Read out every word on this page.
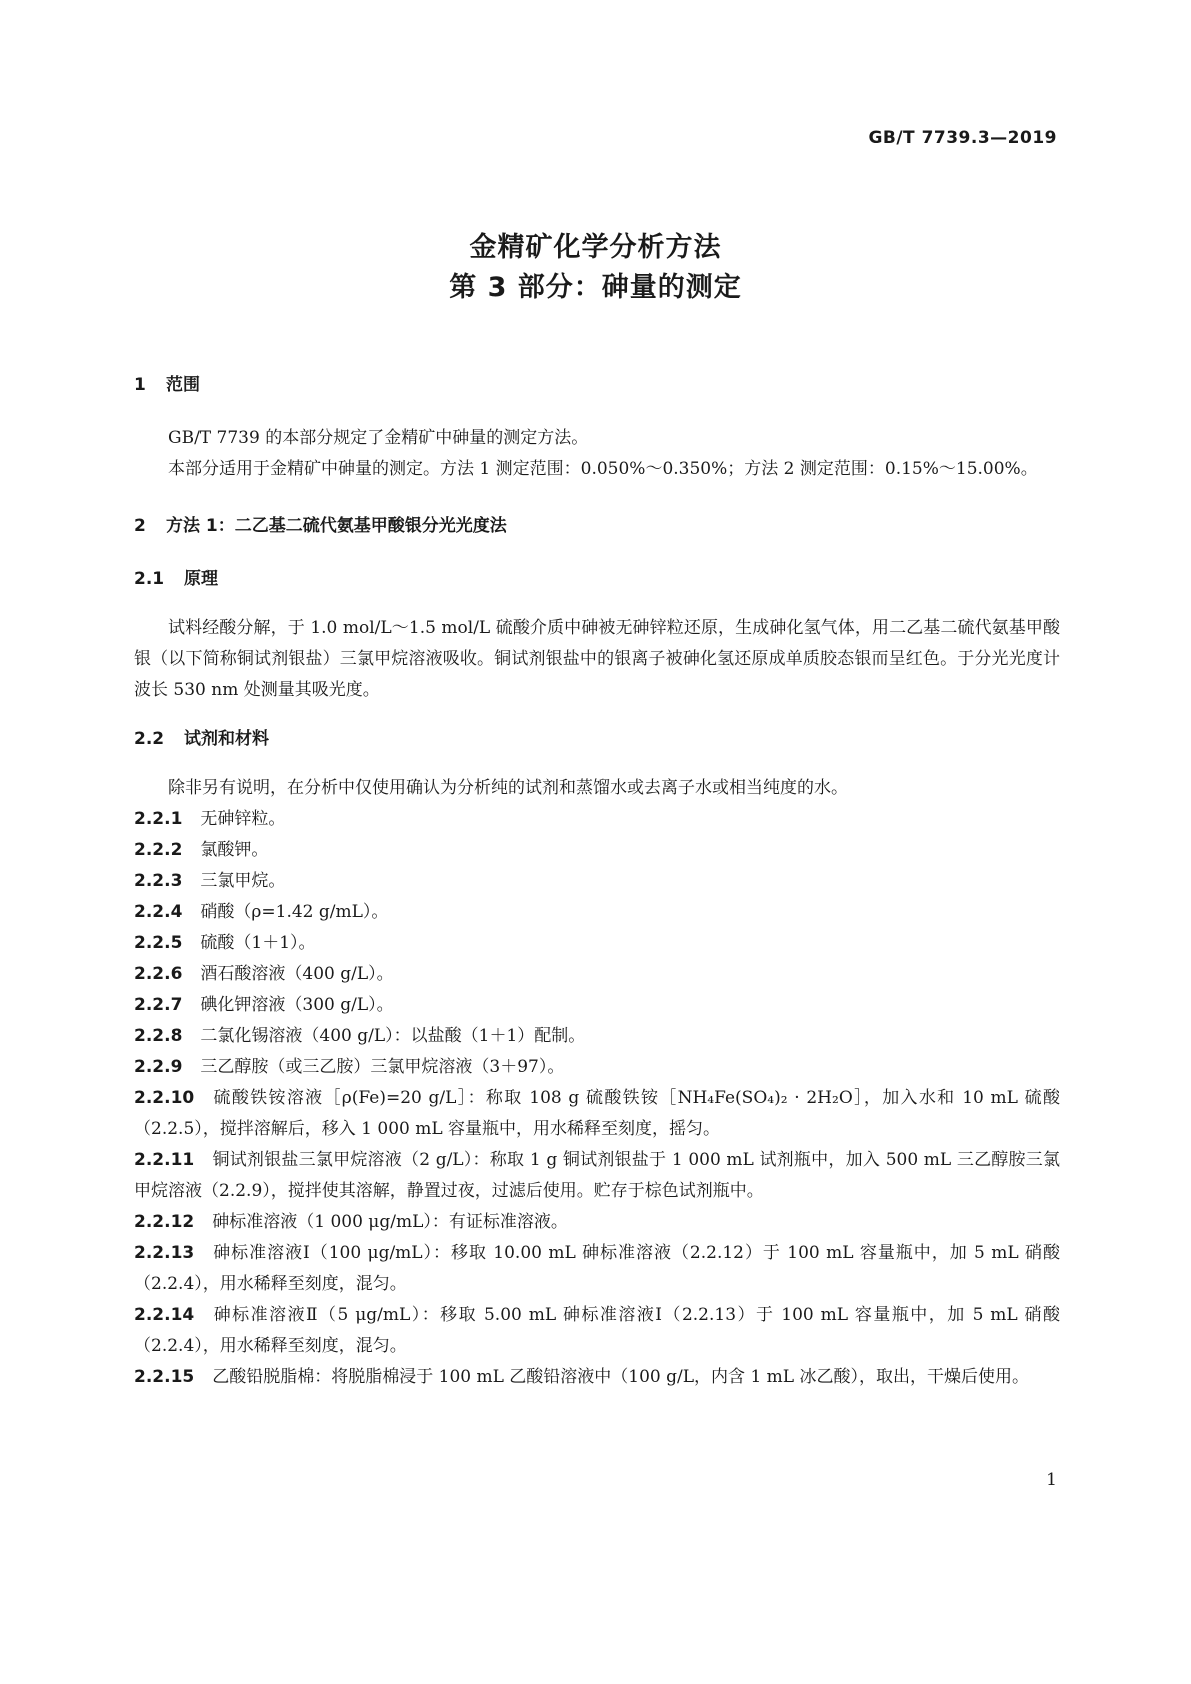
GB/T 7739.3—2019
金精矿化学分析方法
第 3 部分：砷量的测定
1 范围

GB/T 7739 的本部分规定了金精矿中砷量的测定方法。

本部分适用于金精矿中砷量的测定。方法 1 测定范围：0.050%～0.350%；方法 2 测定范围：0.15%～15.00%。

2 方法 1：二乙基二硫代氨基甲酸银分光光度法
2.1 原理

试料经酸分解，于 1.0 mol/L～1.5 mol/L 硫酸介质中砷被无砷锌粒还原，生成砷化氢气体，用二乙基二硫代氨基甲酸银（以下简称铜试剂银盐）三氯甲烷溶液吸收。铜试剂银盐中的银离子被砷化氢还原成单质胶态银而呈红色。于分光光度计波长 530 nm 处测量其吸光度。

2.2 试剂和材料

除非另有说明，在分析中仅使用确认为分析纯的试剂和蒸馏水或去离子水或相当纯度的水。

2.2.1 无砷锌粒。

2.2.2 氯酸钾。

2.2.3 三氯甲烷。

2.2.4 硝酸（ρ=1.42 g/mL）。

2.2.5 硫酸（1＋1）。

2.2.6 酒石酸溶液（400 g/L）。

2.2.7 碘化钾溶液（300 g/L）。

2.2.8 二氯化锡溶液（400 g/L）：以盐酸（1＋1）配制。

2.2.9 三乙醇胺（或三乙胺）三氯甲烷溶液（3＋97）。

2.2.10 硫酸铁铵溶液［ρ(Fe)=20 g/L］：称取 108 g 硫酸铁铵［NH₄Fe(SO₄)₂ · 2H₂O］，加入水和 10 mL 硫酸（2.2.5），搅拌溶解后，移入 1 000 mL 容量瓶中，用水稀释至刻度，摇匀。

2.2.11 铜试剂银盐三氯甲烷溶液（2 g/L）：称取 1 g 铜试剂银盐于 1 000 mL 试剂瓶中，加入 500 mL 三乙醇胺三氯甲烷溶液（2.2.9），搅拌使其溶解，静置过夜，过滤后使用。贮存于棕色试剂瓶中。

2.2.12 砷标准溶液（1 000 μg/mL）：有证标准溶液。

2.2.13 砷标准溶液Ⅰ（100 μg/mL）：移取 10.00 mL 砷标准溶液（2.2.12）于 100 mL 容量瓶中，加 5 mL 硝酸（2.2.4），用水稀释至刻度，混匀。

2.2.14 砷标准溶液Ⅱ（5 μg/mL）：移取 5.00 mL 砷标准溶液Ⅰ（2.2.13）于 100 mL 容量瓶中，加 5 mL 硝酸（2.2.4），用水稀释至刻度，混匀。

2.2.15 乙酸铅脱脂棉：将脱脂棉浸于 100 mL 乙酸铅溶液中（100 g/L，内含 1 mL 冰乙酸），取出，干燥后使用。

1
